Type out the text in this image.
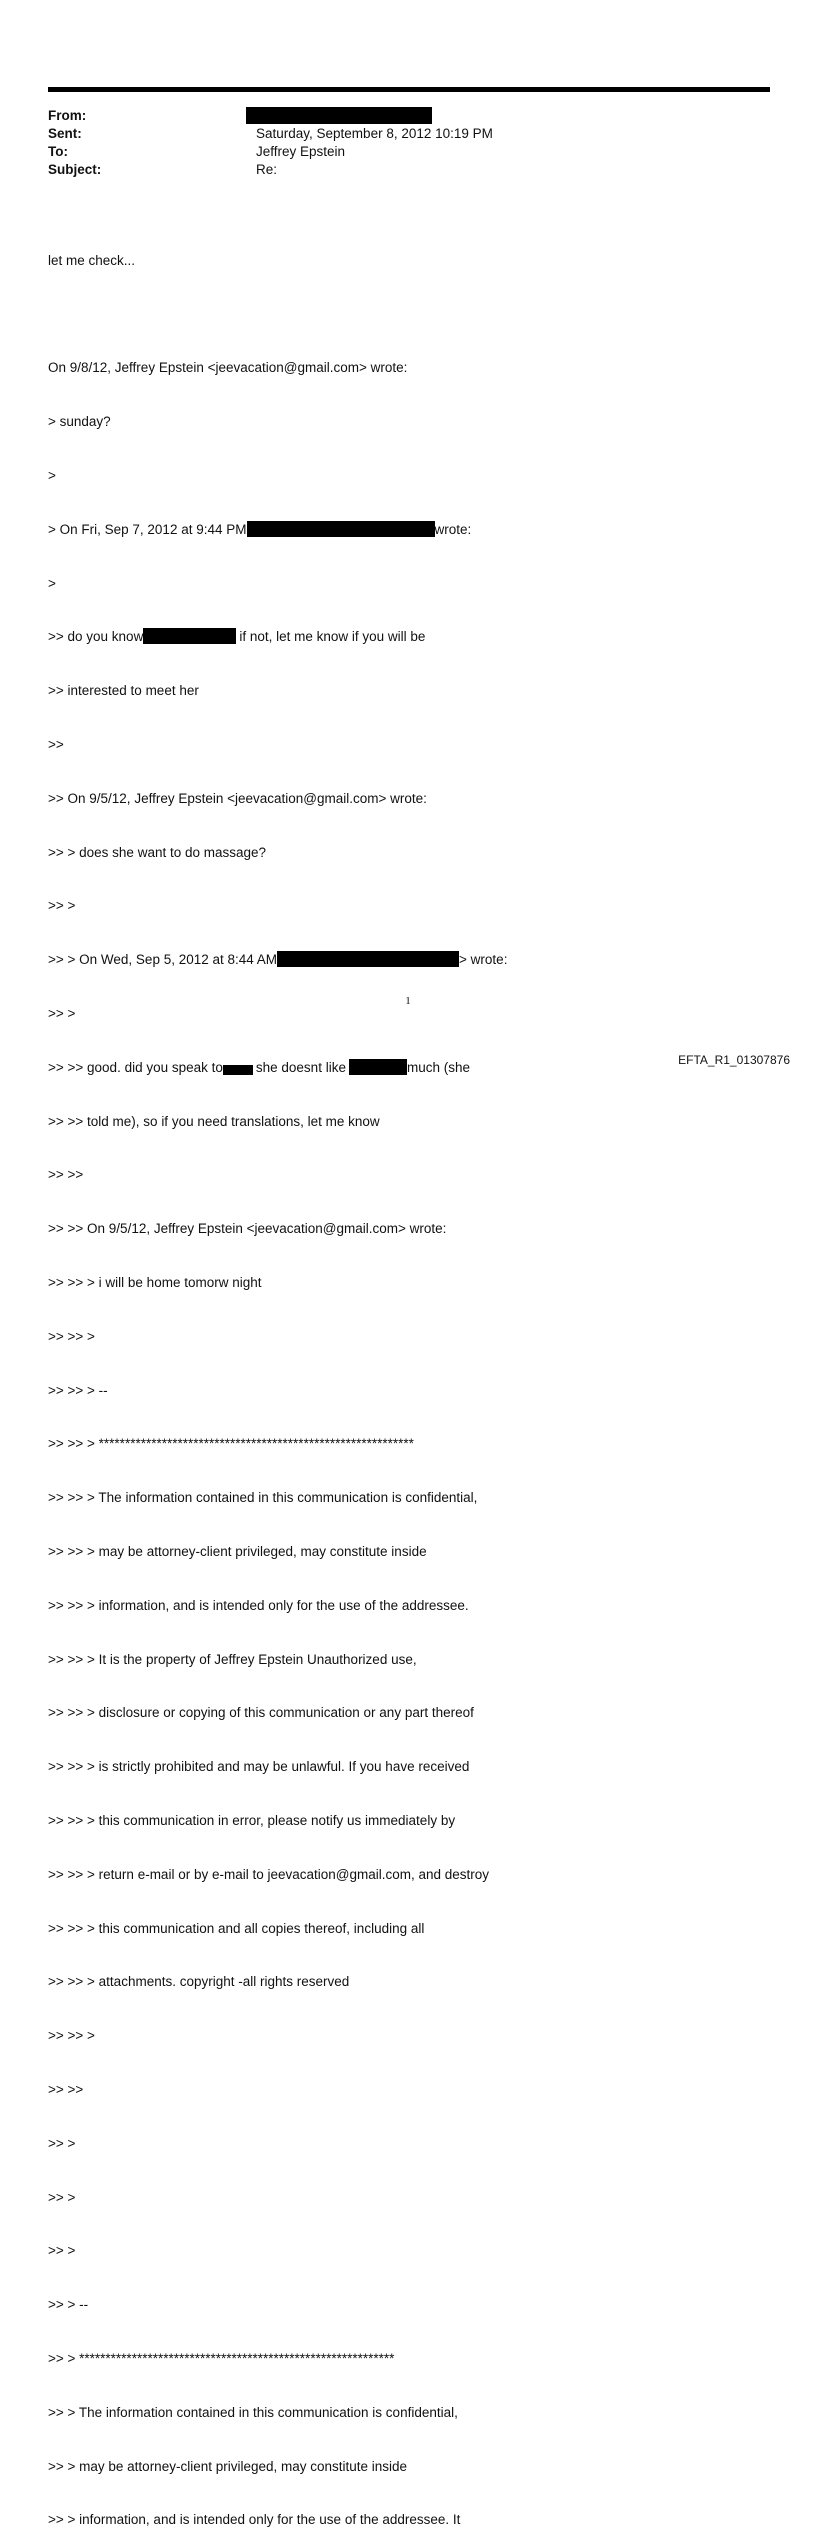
From:
Sent:	Saturday, September 8, 2012 10:19 PM
To:	Jeffrey Epstein
Subject:	Re:

let me check...

On 9/8/12, Jeffrey Epstein <jeevacation@gmail.com> wrote:

> sunday?

>

> On Fri, Sep 7, 2012 at 9:44 PM	wrote:

>

>> do you know	if not, let me know if you will be

>> interested to meet her

>>

>> On 9/5/12, Jeffrey Epstein <jeevacation@gmail.com> wrote:

>> > does she want to do massage?

>> >

>> > On Wed, Sep 5, 2012 at 8:44 AM	> wrote:

>> >

>> >> good. did you speak to she doesnt like	much (she

>> >> told me), so if you need translations, let me know

>> >>

>> >> On 9/5/12, Jeffrey Epstein <jeevacation@gmail.com> wrote:

>> >> > i will be home tomorw night

>> >> >

>> >> > --

>> >> > ************************************************************

>> >> > The information contained in this communication is confidential,

>> >> > may be attorney-client privileged, may constitute inside

>> >> > information, and is intended only for the use of the addressee.

>> >> > It is the property of Jeffrey Epstein Unauthorized use,

>> >> > disclosure or copying of this communication or any part thereof

>> >> > is strictly prohibited and may be unlawful. If you have received

>> >> > this communication in error, please notify us immediately by

>> >> > return e-mail or by e-mail to jeevacation@gmail.com, and destroy

>> >> > this communication and all copies thereof, including all

>> >> > attachments. copyright -all rights reserved

>> >> >

>> >>

>> >

>> >

>> >

>> > --

>> > ************************************************************

>> > The information contained in this communication is confidential,

>> > may be attorney-client privileged, may constitute inside

>> > information, and is intended only for the use of the addressee. It

1
EFTA_R1_01307876
